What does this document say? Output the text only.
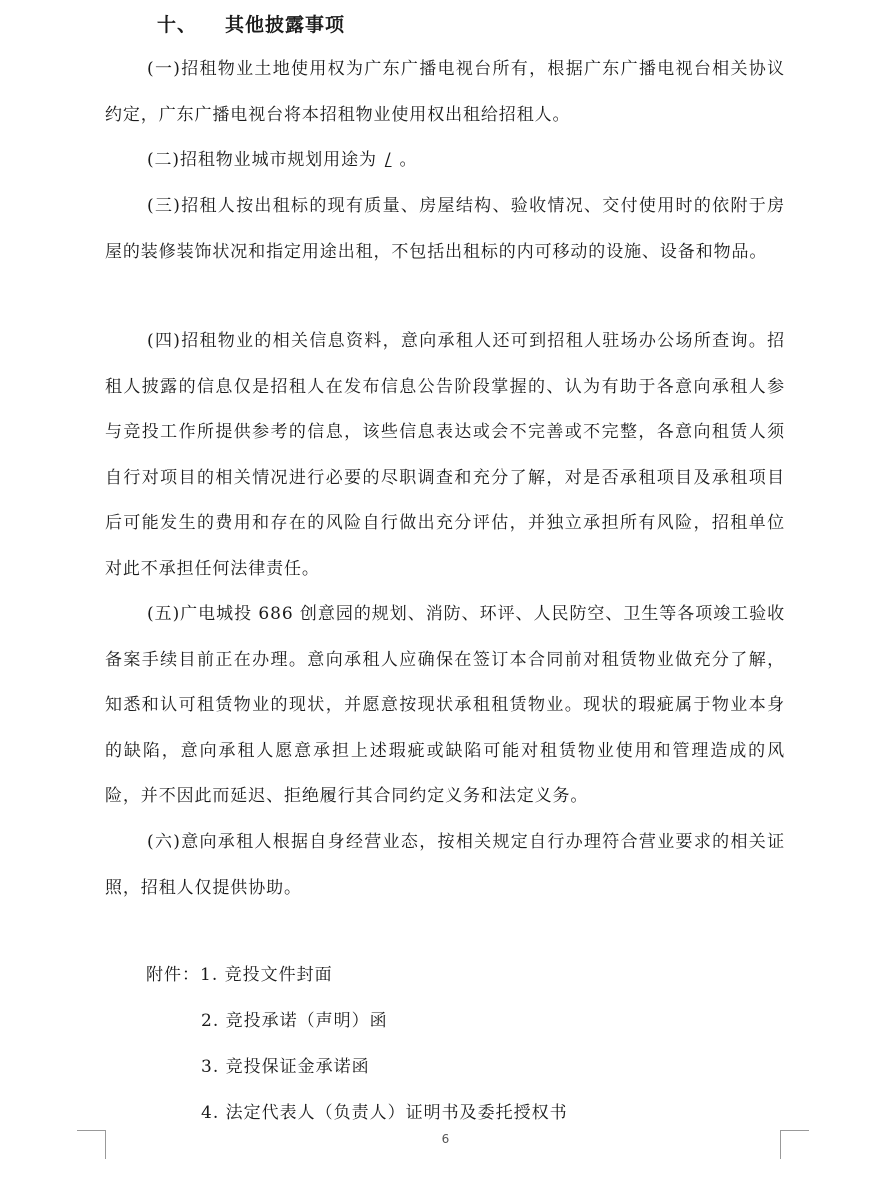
十、 其他披露事项

(一)招租物业土地使用权为广东广播电视台所有，根据广东广播电视台相关协议约定，广东广播电视台将本招租物业使用权出租给招租人。

(二)招租物业城市规划用途为 / 。

(三)招租人按出租标的现有质量、房屋结构、验收情况、交付使用时的依附于房屋的装修装饰状况和指定用途出租，不包括出租标的内可移动的设施、设备和物品。

(四)招租物业的相关信息资料，意向承租人还可到招租人驻场办公场所查询。招租人披露的信息仅是招租人在发布信息公告阶段掌握的、认为有助于各意向承租人参与竞投工作所提供参考的信息，该些信息表达或会不完善或不完整，各意向租赁人须自行对项目的相关情况进行必要的尽职调查和充分了解，对是否承租项目及承租项目后可能发生的费用和存在的风险自行做出充分评估，并独立承担所有风险，招租单位对此不承担任何法律责任。

(五)广电城投 686 创意园的规划、消防、环评、人民防空、卫生等各项竣工验收备案手续目前正在办理。意向承租人应确保在签订本合同前对租赁物业做充分了解，知悉和认可租赁物业的现状，并愿意按现状承租租赁物业。现状的瑕疵属于物业本身的缺陷，意向承租人愿意承担上述瑕疵或缺陷可能对租赁物业使用和管理造成的风险，并不因此而延迟、拒绝履行其合同约定义务和法定义务。

(六)意向承租人根据自身经营业态，按相关规定自行办理符合营业要求的相关证照，招租人仅提供协助。

附件：1. 竞投文件封面
2. 竞投承诺（声明）函
3. 竞投保证金承诺函
4. 法定代表人（负责人）证明书及委托授权书
6
